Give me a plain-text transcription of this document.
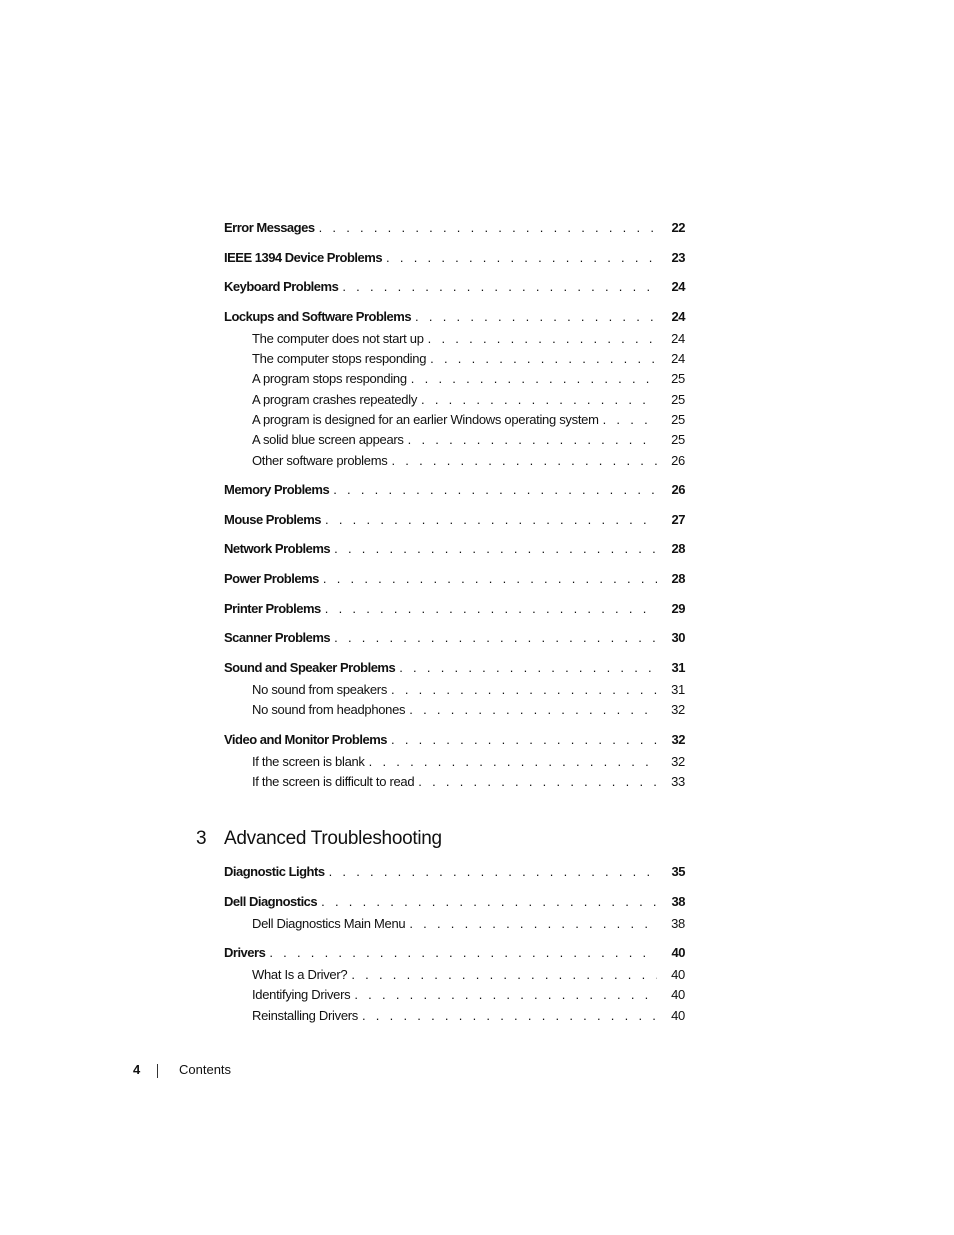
Error Messages . . .	22
IEEE 1394 Device Problems . . .	23
Keyboard Problems . . .	24
Lockups and Software Problems . . .	24
The computer does not start up . . .	24
The computer stops responding . . .	24
A program stops responding . . .	25
A program crashes repeatedly . . .	25
A program is designed for an earlier Windows operating system . . .	25
A solid blue screen appears . . .	25
Other software problems . . .	26
Memory Problems . . .	26
Mouse Problems . . .	27
Network Problems . . .	28
Power Problems . . .	28
Printer Problems . . .	29
Scanner Problems . . .	30
Sound and Speaker Problems . . .	31
No sound from speakers . . .	31
No sound from headphones . . .	32
Video and Monitor Problems . . .	32
If the screen is blank . . .	32
If the screen is difficult to read . . .	33
3 Advanced Troubleshooting
Diagnostic Lights . . .	35
Dell Diagnostics . . .	38
Dell Diagnostics Main Menu . . .	38
Drivers . . .	40
What Is a Driver? . . .	40
Identifying Drivers . . .	40
Reinstalling Drivers . . .	40
4	Contents
